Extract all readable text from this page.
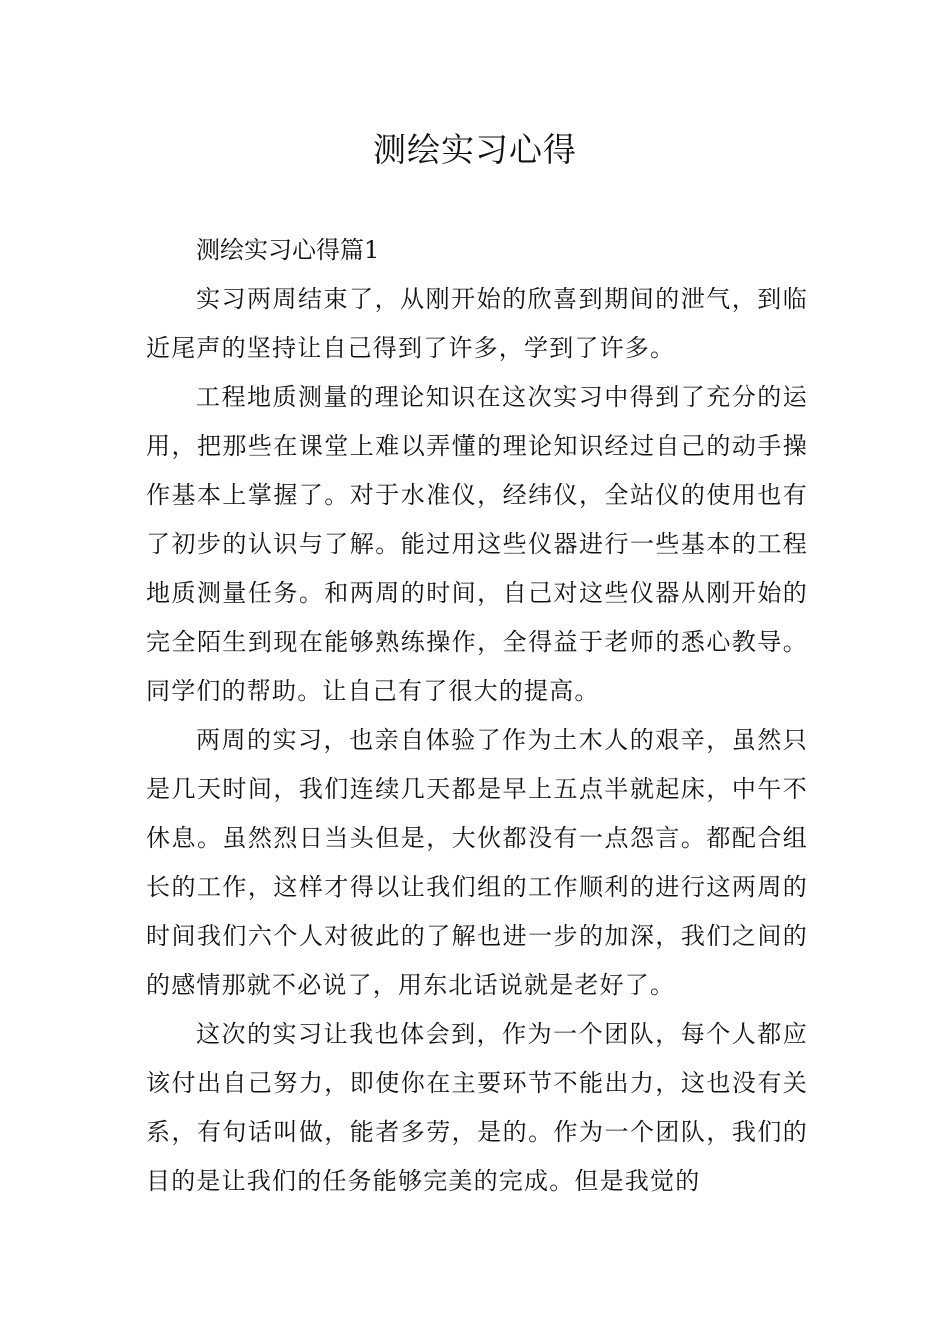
测绘实习心得

测绘实习心得篇1

实习两周结束了，从刚开始的欣喜到期间的泄气，到临近尾声的坚持让自己得到了许多，学到了许多。

工程地质测量的理论知识在这次实习中得到了充分的运用，把那些在课堂上难以弄懂的理论知识经过自己的动手操作基本上掌握了。对于水准仪，经纬仪，全站仪的使用也有了初步的认识与了解。能过用这些仪器进行一些基本的工程地质测量任务。和两周的时间，自己对这些仪器从刚开始的完全陌生到现在能够熟练操作，全得益于老师的悉心教导。同学们的帮助。让自己有了很大的提高。

两周的实习，也亲自体验了作为土木人的艰辛，虽然只是几天时间，我们连续几天都是早上五点半就起床，中午不休息。虽然烈日当头但是，大伙都没有一点怨言。都配合组长的工作，这样才得以让我们组的工作顺利的进行这两周的时间我们六个人对彼此的了解也进一步的加深，我们之间的的感情那就不必说了，用东北话说就是老好了。

这次的实习让我也体会到，作为一个团队，每个人都应该付出自己努力，即使你在主要环节不能出力，这也没有关系，有句话叫做，能者多劳，是的。作为一个团队，我们的目的是让我们的任务能够完美的完成。但是我觉的
